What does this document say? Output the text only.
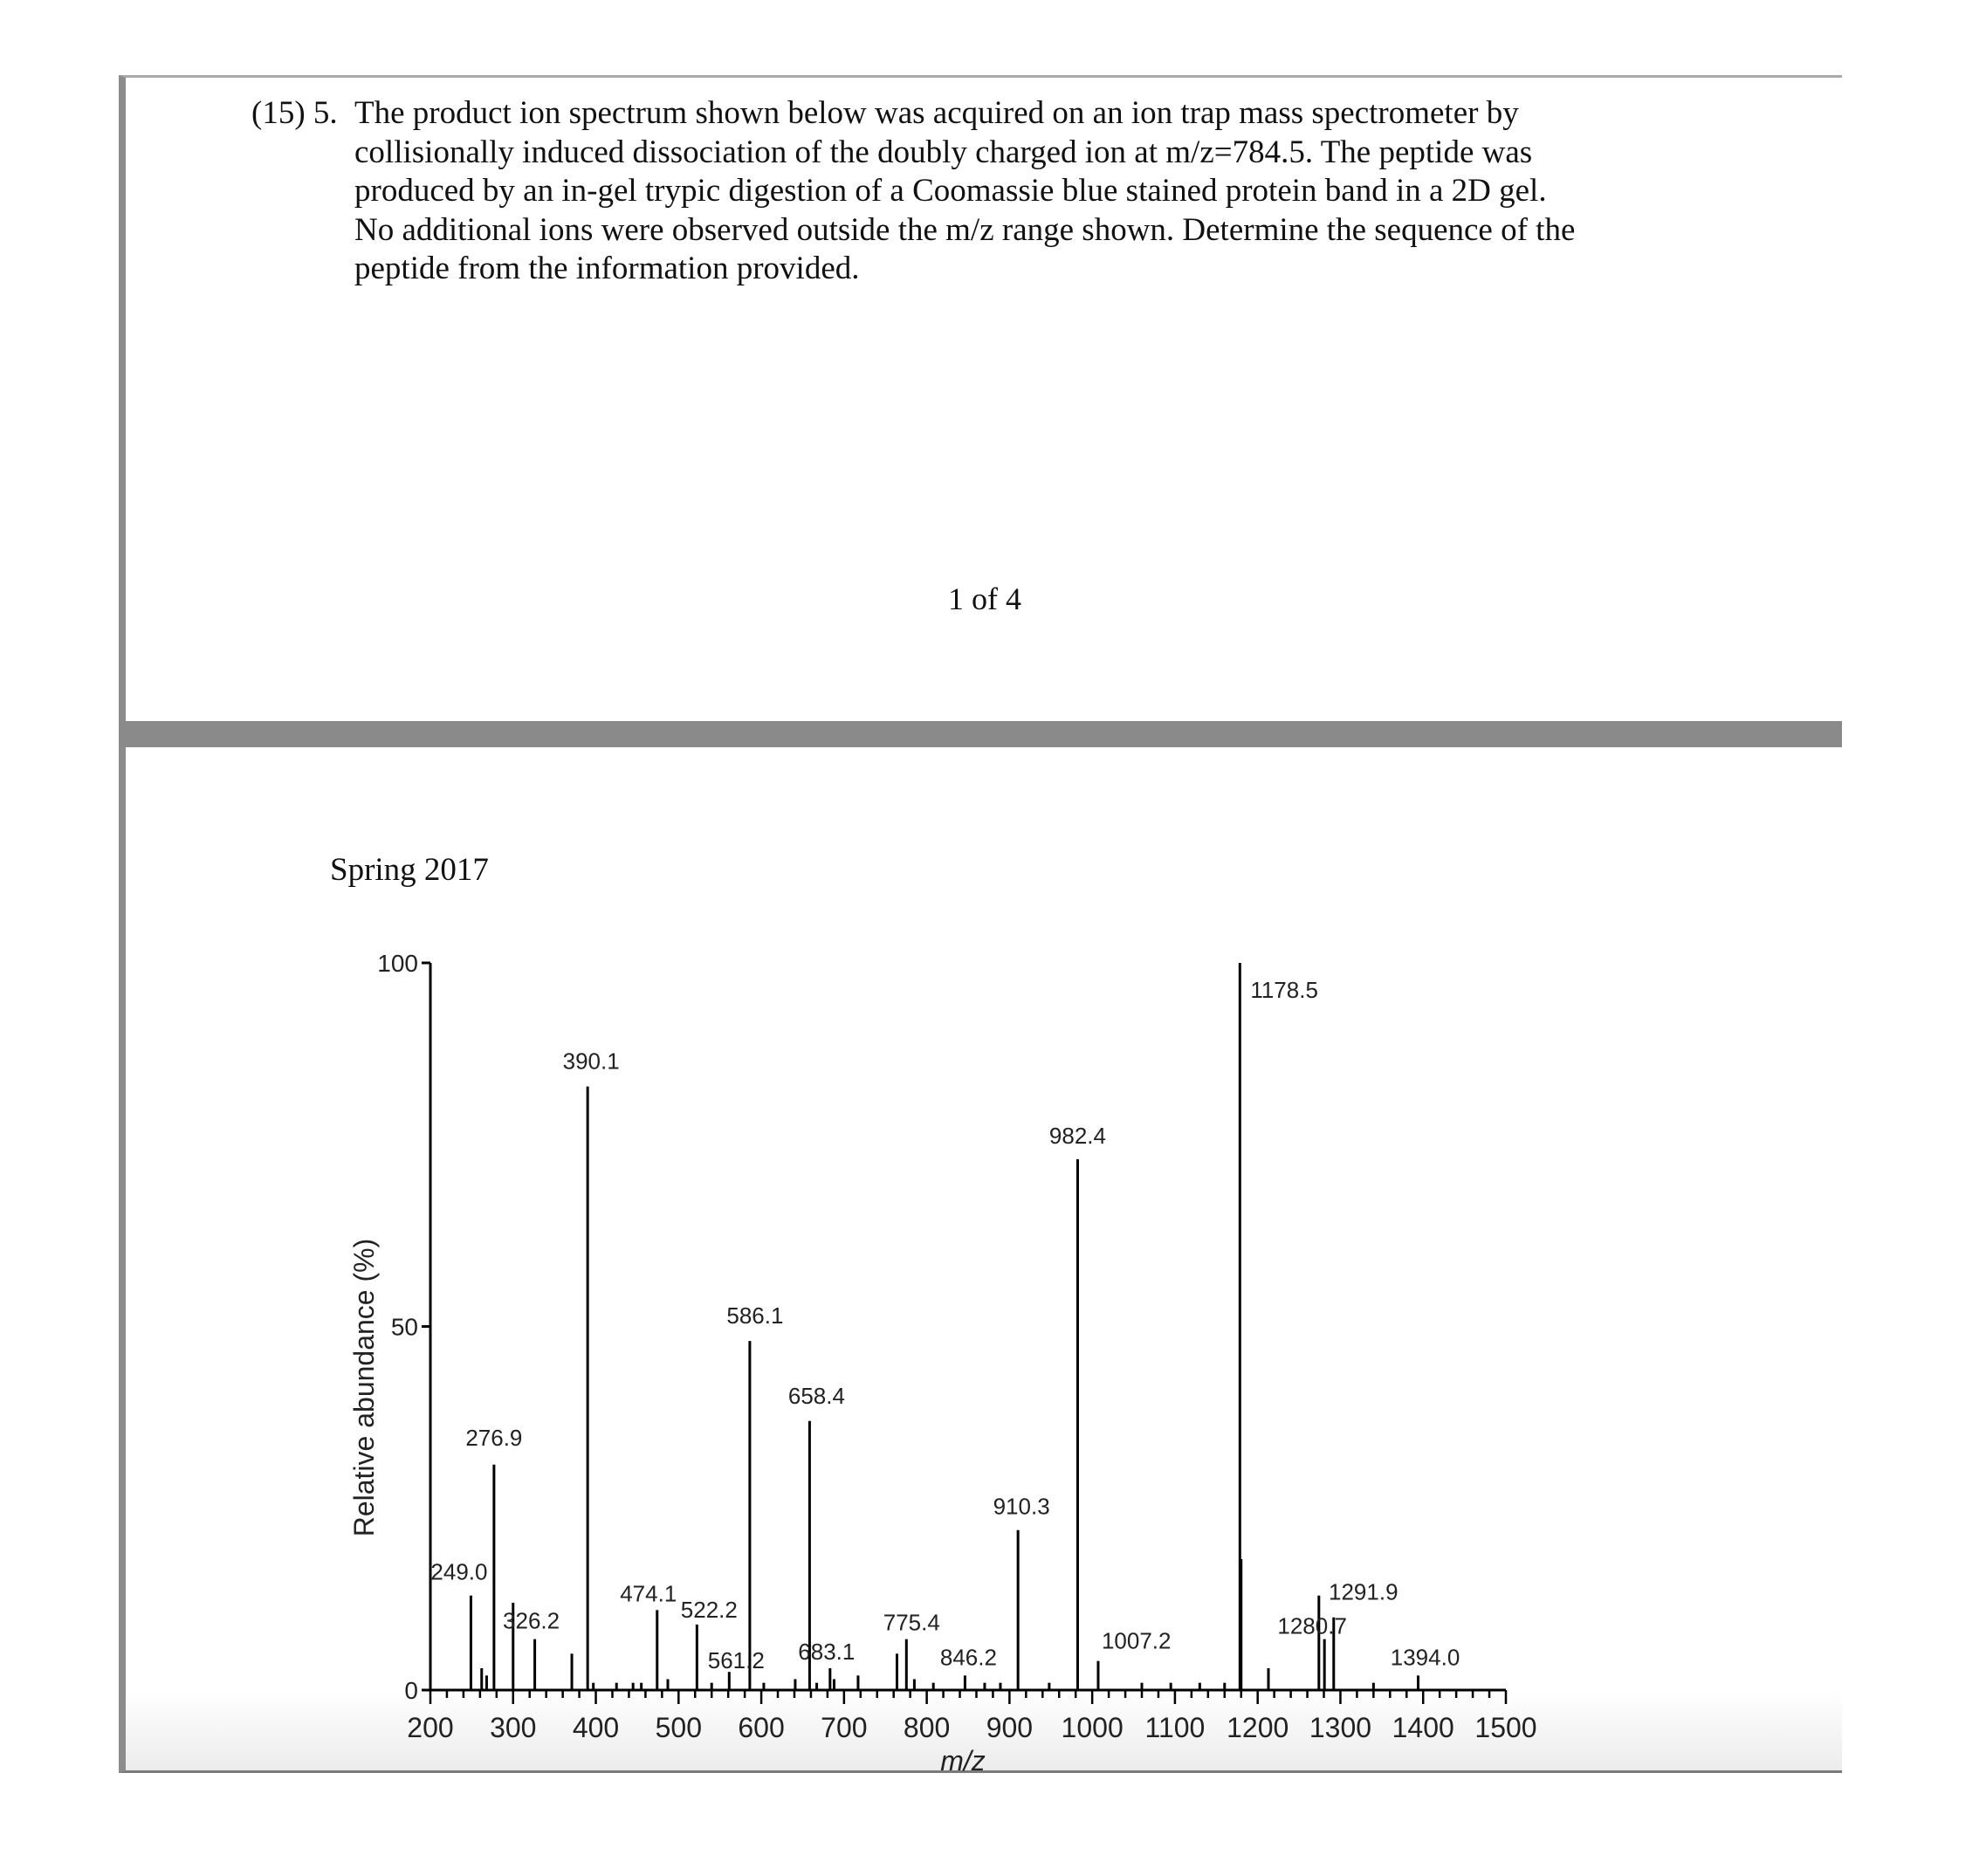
(15) 5. The product ion spectrum shown below was acquired on an ion trap mass spectrometer by
collisionally induced dissociation of the doubly charged ion at m/z=784.5. The peptide was
produced by an in-gel trypic digestion of a Coomassie blue stained protein band in a 2D gel.
No additional ions were observed outside the m/z range shown. Determine the sequence of the
peptide from the information provided.
1 of 4
Spring 2017
0
50
100
200 300 400 500 600 700 800 900 1000 1100 1200 1300 1400 1500
m/z
Relative abundance (%)
249.0
276.9
326.2
390.1
474.1
522.2
561.2
586.1
658.4
683.1
775.4
846.2
910.3
982.4
1007.2
1178.5
1280.7
1291.9
1394.0
